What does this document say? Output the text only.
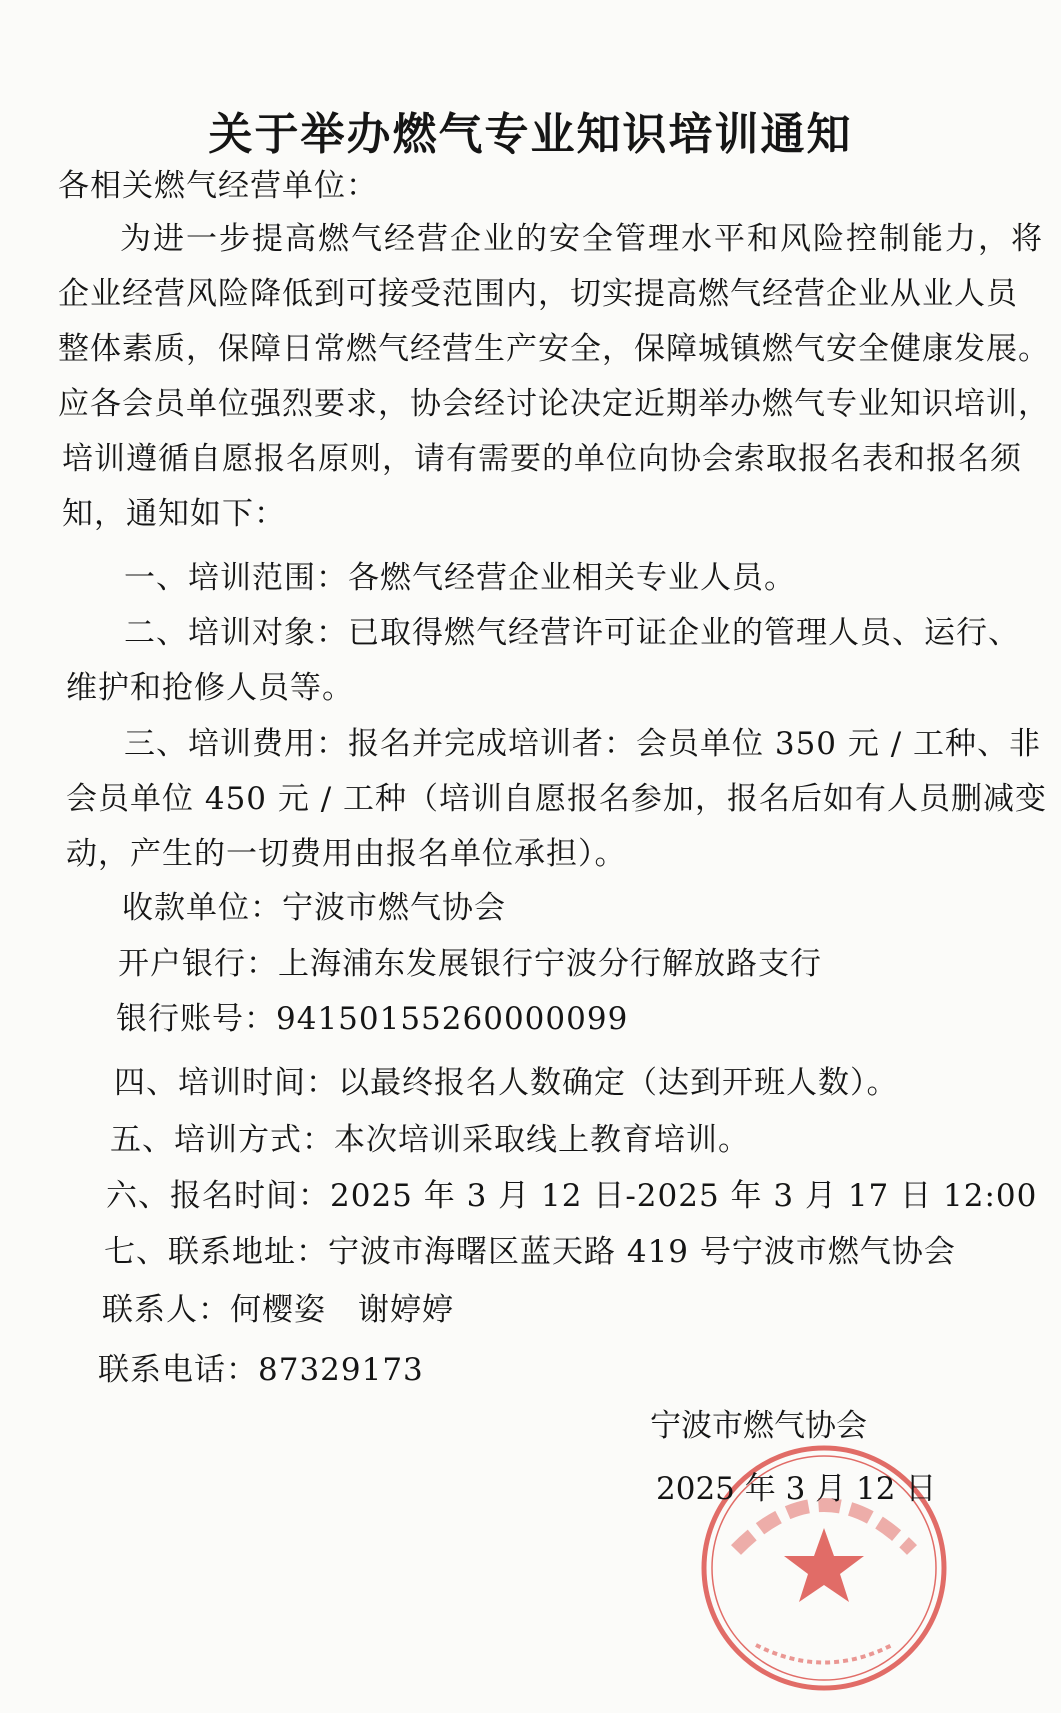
关于举办燃气专业知识培训通知
各相关燃气经营单位：
为进一步提高燃气经营企业的安全管理水平和风险控制能力，将
企业经营风险降低到可接受范围内，切实提高燃气经营企业从业人员
整体素质，保障日常燃气经营生产安全，保障城镇燃气安全健康发展。
应各会员单位强烈要求，协会经讨论决定近期举办燃气专业知识培训，
培训遵循自愿报名原则，请有需要的单位向协会索取报名表和报名须
知，通知如下：
一、培训范围：各燃气经营企业相关专业人员。
二、培训对象：已取得燃气经营许可证企业的管理人员、运行、
维护和抢修人员等。
三、培训费用：报名并完成培训者：会员单位 350 元 / 工种、非
会员单位 450 元 / 工种（培训自愿报名参加，报名后如有人员删减变
动，产生的一切费用由报名单位承担）。
收款单位：宁波市燃气协会
开户银行：上海浦东发展银行宁波分行解放路支行
银行账号：94150155260000099
四、培训时间：以最终报名人数确定（达到开班人数）。
五、培训方式：本次培训采取线上教育培训。
六、报名时间：2025 年 3 月 12 日-2025 年 3 月 17 日 12:00
七、联系地址：宁波市海曙区蓝天路 419 号宁波市燃气协会
联系人：何樱姿　谢婷婷
联系电话：87329173
宁波市燃气协会
2025 年 3 月 12 日
